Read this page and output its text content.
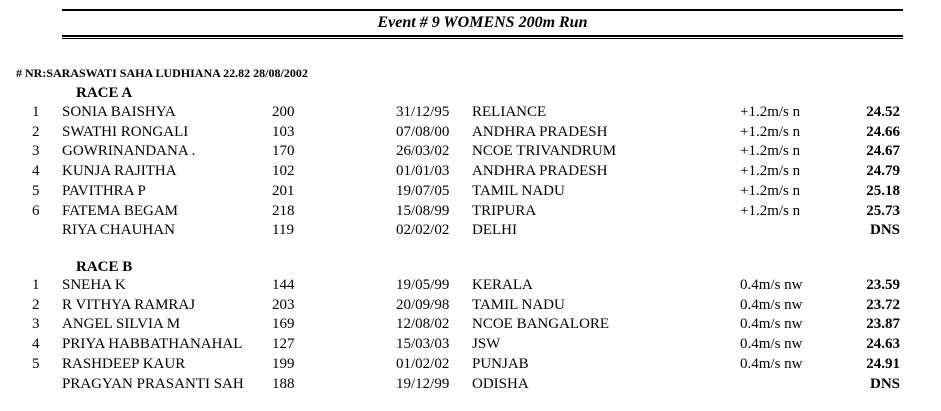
Event # 9 WOMENS 200m Run
# NR:SARASWATI SAHA LUDHIANA 22.82 28/08/2002
RACE A
1 SONIA BAISHYA	200	31/12/95 RELIANCE	+1.2m/s n	24.52
2 SWATHI RONGALI	103	07/08/00 ANDHRA PRADESH	+1.2m/s n	24.66
3 GOWRINANDANA .	170	26/03/02 NCOE TRIVANDRUM	+1.2m/s n	24.67
4 KUNJA RAJITHA	102	01/01/03 ANDHRA PRADESH	+1.2m/s n	24.79
5 PAVITHRA P	201	19/07/05 TAMIL NADU	+1.2m/s n	25.18
6 FATEMA BEGAM	218	15/08/99 TRIPURA	+1.2m/s n	25.73
RIYA CHAUHAN	119	02/02/02 DELHI	DNS
RACE B
1 SNEHA K	144	19/05/99 KERALA	0.4m/s nw	23.59
2 R VITHYA RAMRAJ	203	20/09/98 TAMIL NADU	0.4m/s nw	23.72
3 ANGEL SILVIA M	169	12/08/02 NCOE BANGALORE	0.4m/s nw	23.87
4 PRIYA HABBATHANAHAL 127	15/03/03 JSW	0.4m/s nw	24.63
5 RASHDEEP KAUR	199	01/02/02 PUNJAB	0.4m/s nw	24.91
PRAGYAN PRASANTI SAH 188	19/12/99 ODISHA	DNS
